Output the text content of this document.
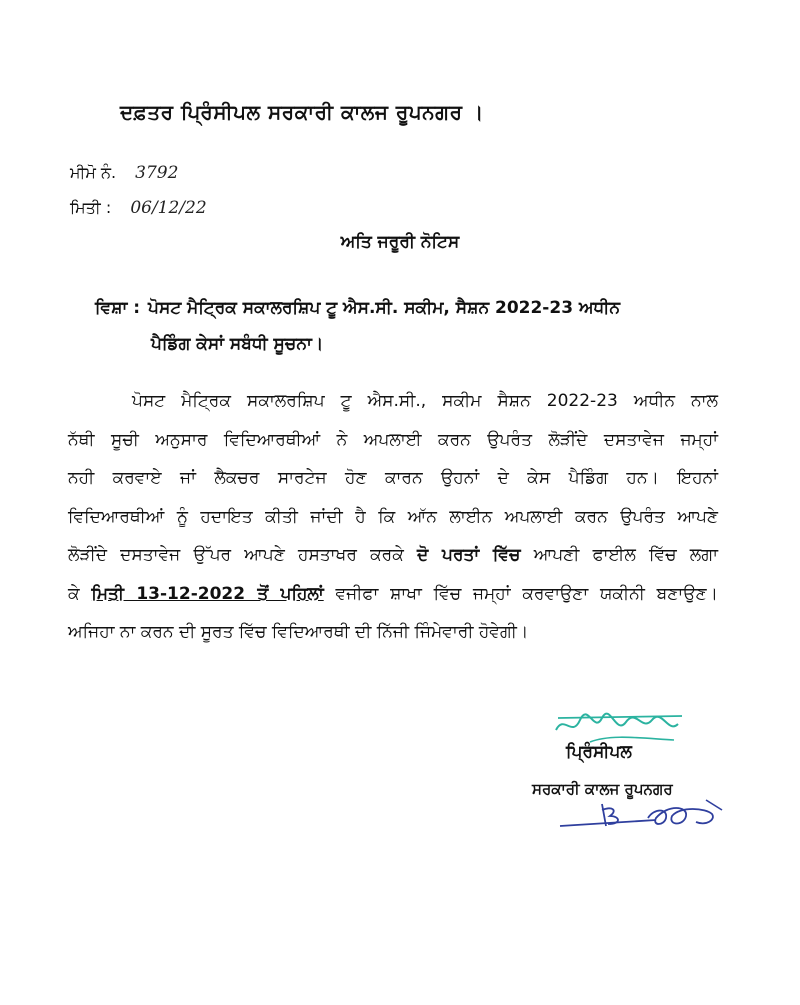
ਦਫ਼ਤਰ ਪ੍ਰਿੰਸੀਪਲ ਸਰਕਾਰੀ ਕਾਲਜ ਰੂਪਨਗਰ ।
ਮੀਮੋ ਨੰ. 3792
ਮਿਤੀ : 06/12/22
ਅਤਿ ਜਰੂਰੀ ਨੋਟਿਸ
ਵਿਸ਼ਾ : ਪੋਸਟ ਮੈਟ੍ਰਿਕ ਸਕਾਲਰਸ਼ਿਪ ਟੂ ਐਸ.ਸੀ. ਸਕੀਮ, ਸੈਸ਼ਨ 2022-23 ਅਧੀਨ
ਪੈਡਿੰਗ ਕੇਸਾਂ ਸਬੰਧੀ ਸੂਚਨਾ।
ਪੋਸਟ ਮੈਟ੍ਰਿਕ ਸਕਾਲਰਸ਼ਿਪ ਟੂ ਐਸ.ਸੀ., ਸਕੀਮ ਸੈਸ਼ਨ 2022-23 ਅਧੀਨ ਨਾਲ
ਨੱਥੀ ਸੂਚੀ ਅਨੁਸਾਰ ਵਿਦਿਆਰਥੀਆਂ ਨੇ ਅਪਲਾਈ ਕਰਨ ਉਪਰੰਤ ਲੋੜੀਂਦੇ ਦਸਤਾਵੇਜ ਜਮ੍ਹਾਂ
ਨਹੀ ਕਰਵਾਏ ਜਾਂ ਲੈਕਚਰ ਸਾਰਟੇਜ ਹੋਣ ਕਾਰਨ ਉਹਨਾਂ ਦੇ ਕੇਸ ਪੈਡਿੰਗ ਹਨ। ਇਹਨਾਂ
ਵਿਦਿਆਰਥੀਆਂ ਨੂੰ ਹਦਾਇਤ ਕੀਤੀ ਜਾਂਦੀ ਹੈ ਕਿ ਆੱਨ ਲਾਈਨ ਅਪਲਾਈ ਕਰਨ ਉਪਰੰਤ ਆਪਣੇ
ਲੋੜੀਂਦੇ ਦਸਤਾਵੇਜ ਉੱਪਰ ਆਪਣੇ ਹਸਤਾਖਰ ਕਰਕੇ ਦੋ ਪਰਤਾਂ ਵਿੱਚ ਆਪਣੀ ਫਾਈਲ ਵਿੱਚ ਲਗਾ
ਕੇ ਮਿਤੀ 13-12-2022 ਤੋਂ ਪਹਿਲਾਂ ਵਜੀਫਾ ਸ਼ਾਖਾ ਵਿੱਚ ਜਮ੍ਹਾਂ ਕਰਵਾਉਣਾ ਯਕੀਨੀ ਬਣਾਉਣ।
ਅਜਿਹਾ ਨਾ ਕਰਨ ਦੀ ਸੂਰਤ ਵਿੱਚ ਵਿਦਿਆਰਥੀ ਦੀ ਨਿੱਜੀ ਜਿੰਮੇਵਾਰੀ ਹੋਵੇਗੀ।
ਪ੍ਰਿੰਸੀਪਲ
ਸਰਕਾਰੀ ਕਾਲਜ ਰੂਪਨਗਰ
